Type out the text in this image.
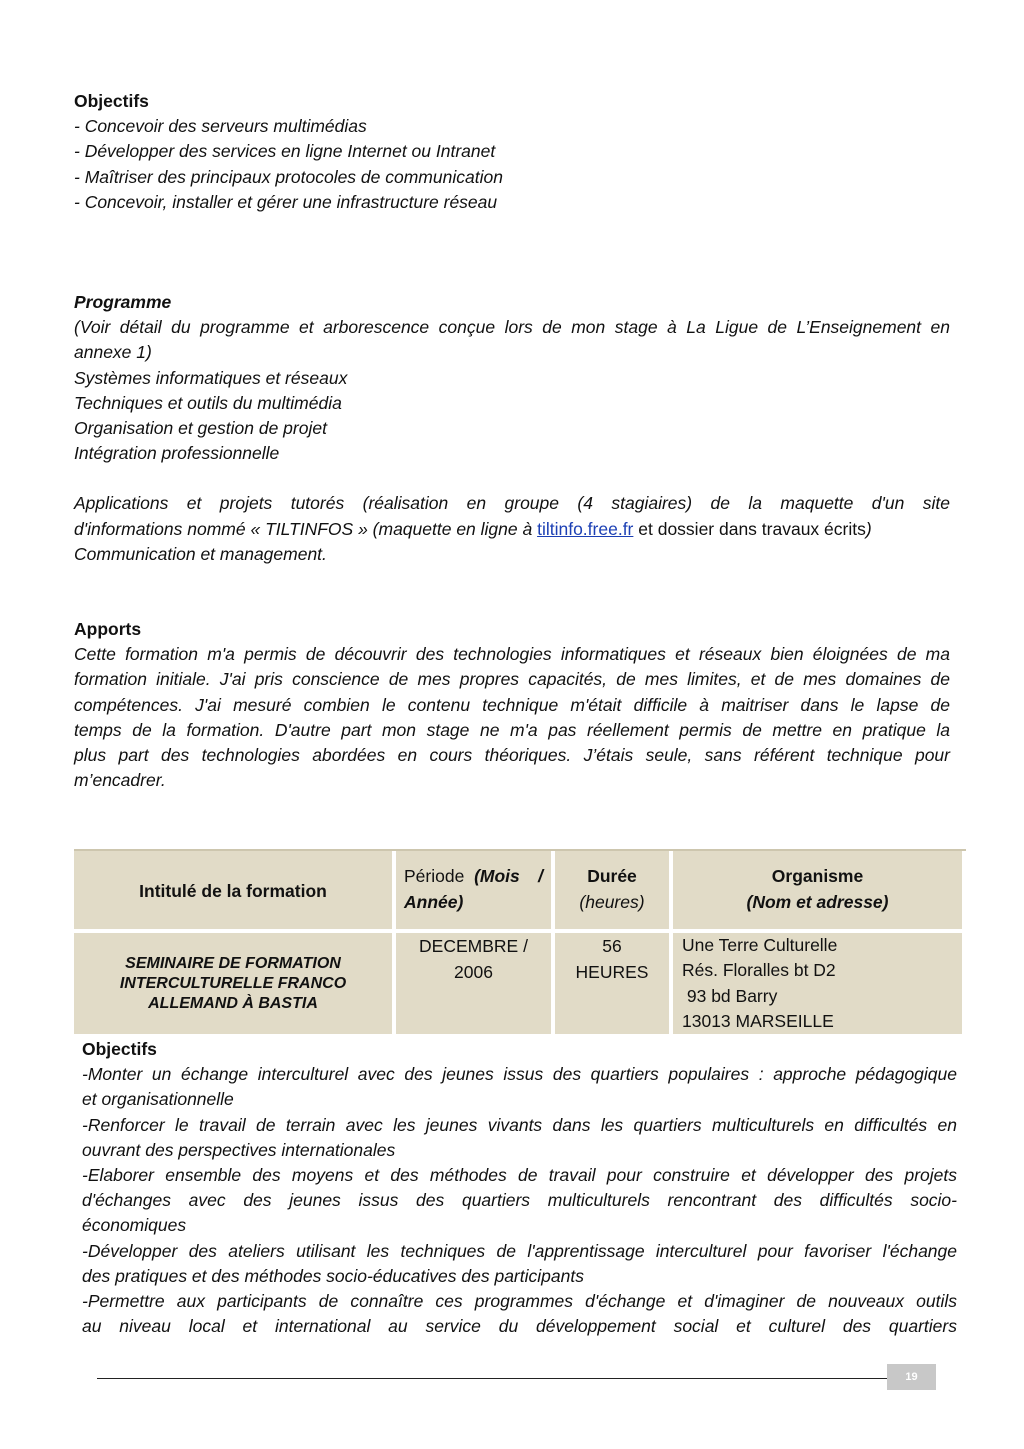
Objectifs
- Concevoir des serveurs multimédias
- Développer des services en ligne Internet ou Intranet
- Maîtriser des principaux protocoles de communication
- Concevoir, installer et gérer une infrastructure réseau
Programme
(Voir détail du programme et arborescence conçue lors de mon stage à La Ligue de L’Enseignement en
annexe 1)
Systèmes informatiques et réseaux
Techniques et outils du multimédia
Organisation et gestion de projet
Intégration professionnelle
Applications et projets tutorés (réalisation en groupe (4 stagiaires) de la maquette d'un site
d'informations nommé « TILTINFOS » (maquette en ligne à tiltinfo.free.fr et dossier dans travaux écrits)
Communication et management.
Apports
Cette formation m'a permis de découvrir des technologies informatiques et réseaux bien éloignées de ma
formation initiale. J'ai pris conscience de mes propres capacités, de mes limites, et de mes domaines de
compétences. J'ai mesuré combien le contenu technique m'était difficile à maitriser dans le lapse de
temps de la formation. D'autre part mon stage ne m'a pas réellement permis de mettre en pratique la
plus part des technologies abordées en cours théoriques. J’étais seule, sans référent technique pour
m’encadrer.
Intitulé de la formation
Période (Mois /
Année)
Durée
(heures)
Organisme
(Nom et adresse)
SEMINAIRE DE FORMATION
INTERCULTURELLE FRANCO
ALLEMAND À BASTIA
DECEMBRE /
2006
56
HEURES
Une Terre Culturelle
Rés. Floralles bt D2
93 bd Barry
13013 MARSEILLE
Objectifs
-Monter un échange interculturel avec des jeunes issus des quartiers populaires : approche pédagogique
et organisationnelle
-Renforcer le travail de terrain avec les jeunes vivants dans les quartiers multiculturels en difficultés en
ouvrant des perspectives internationales
-Elaborer ensemble des moyens et des méthodes de travail pour construire et développer des projets
d'échanges avec des jeunes issus des quartiers multiculturels rencontrant des difficultés socio-
économiques
-Développer des ateliers utilisant les techniques de l'apprentissage interculturel pour favoriser l'échange
des pratiques et des méthodes socio-éducatives des participants
-Permettre aux participants de connaître ces programmes d'échange et d'imaginer de nouveaux outils
au niveau local et international au service du développement social et culturel des quartiers
19
